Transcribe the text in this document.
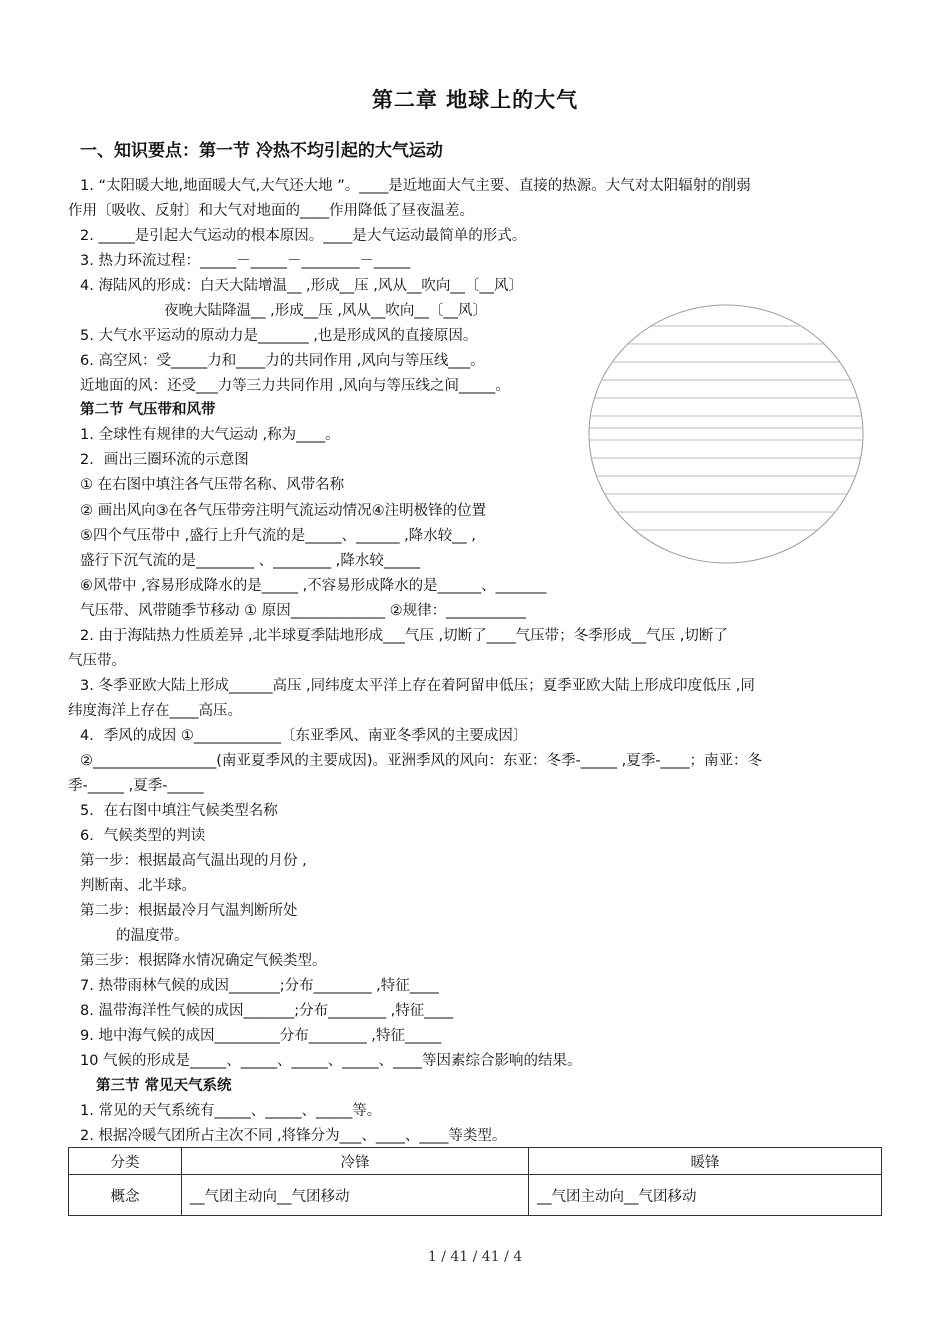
第二章 地球上的大气
一、知识要点：第一节 冷热不均引起的大气运动
1. “太阳暖大地,地面暖大气,大气还大地 ”。____是近地面大气主要、直接的热源。大气对太阳辐射的削弱
作用〔吸收、反射〕和大气对地面的____作用降低了昼夜温差。
2. _____是引起大气运动的根本原因。____是大气运动最简单的形式。
3. 热力环流过程：_____－_____－________－_____
4. 海陆风的形成：白天大陆增温__ ,形成__压 ,风从__吹向__〔__风〕
夜晚大陆降温__ ,形成__压 ,风从__吹向__〔__风〕
5. 大气水平运动的原动力是_______ ,也是形成风的直接原因。
6. 高空风：受_____力和____力的共同作用 ,风向与等压线___。
近地面的风：还受___力等三力共同作用 ,风向与等压线之间_____。
第二节 气压带和风带
1. 全球性有规律的大气运动 ,称为____。
2．画出三圈环流的示意图
① 在右图中填注各气压带名称、风带名称
② 画出风向③在各气压带旁注明气流运动情况④注明极锋的位置
⑤四个气压带中 ,盛行上升气流的是_____、______ ,降水较__ ,
盛行下沉气流的是________ 、________ ,降水较_____
⑥风带中 ,容易形成降水的是_____ ,不容易形成降水的是______、_______
气压带、风带随季节移动 ① 原因_____________ ②规律：___________
2. 由于海陆热力性质差异 ,北半球夏季陆地形成___气压 ,切断了____气压带；冬季形成__气压 ,切断了
气压带。
3. 冬季亚欧大陆上形成______高压 ,同纬度太平洋上存在着阿留申低压；夏季亚欧大陆上形成印度低压 ,同
纬度海洋上存在____高压。
4．季风的成因 ①____________〔东亚季风、南亚冬季风的主要成因〕
②_________________(南亚夏季风的主要成因)。亚洲季风的风向：东亚：冬季-_____ ,夏季-____；南亚：冬
季-_____ ,夏季-_____
5．在右图中填注气候类型名称
6．气候类型的判读
第一步：根据最高气温出现的月份 ,
判断南、北半球。
第二步：根据最冷月气温判断所处
的温度带。
第三步：根据降水情况确定气候类型。
7. 热带雨林气候的成因_______;分布________ ,特征____
8. 温带海洋性气候的成因_______;分布________ ,特征____
9. 地中海气候的成因_________分布________ ,特征_____
10 气候的形成是_____、_____、_____、_____、____等因素综合影响的结果。
第三节 常见天气系统
1. 常见的天气系统有_____、_____、_____等。
2. 根据冷暖气团所占主次不同 ,将锋分为___、____、____等类型。
分类	冷锋	暖锋
概念	__气团主动向__气团移动	__气团主动向__气团移动
1 / 41 / 41 / 4
